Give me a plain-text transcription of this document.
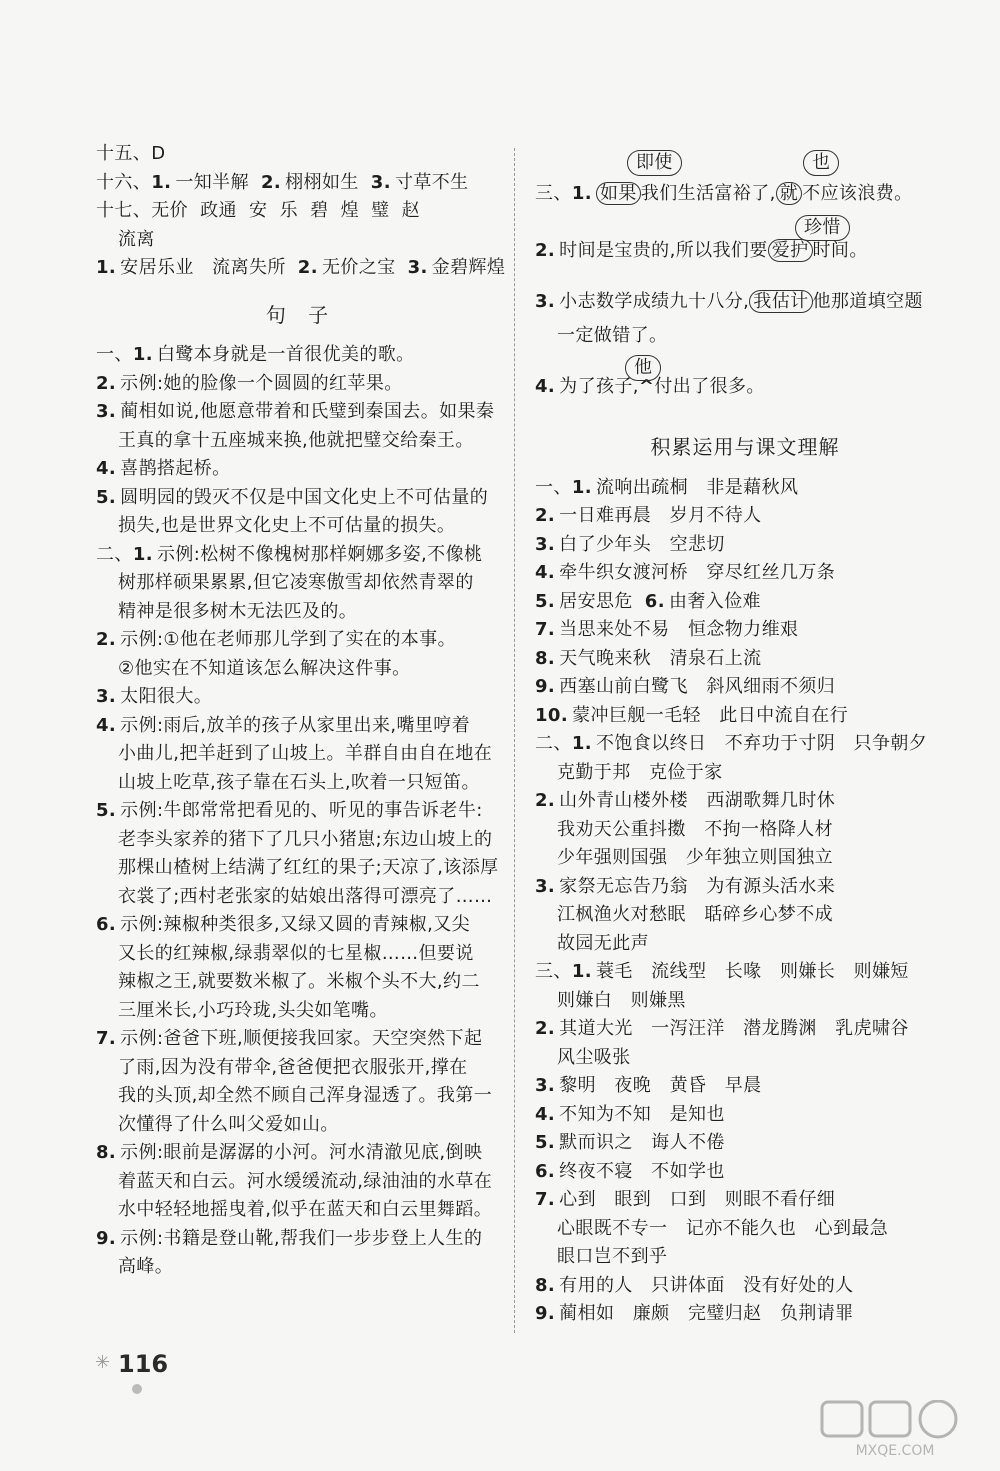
十五、D
十六、1. 一知半解 2. 栩栩如生 3. 寸草不生
十七、无价 政通 安 乐 碧 煌 璧 赵
流离
1. 安居乐业　流离失所 2. 无价之宝 3. 金碧辉煌
句 子
一、1. 白鹭本身就是一首很优美的歌。
2. 示例:她的脸像一个圆圆的红苹果。
3. 蔺相如说,他愿意带着和氏璧到秦国去。如果秦
王真的拿十五座城来换,他就把璧交给秦王。
4. 喜鹊搭起桥。
5. 圆明园的毁灭不仅是中国文化史上不可估量的
损失,也是世界文化史上不可估量的损失。
二、1. 示例:松树不像槐树那样婀娜多姿,不像桃
树那样硕果累累,但它凌寒傲雪却依然青翠的
精神是很多树木无法匹及的。
2. 示例:①他在老师那儿学到了实在的本事。
②他实在不知道该怎么解决这件事。
3. 太阳很大。
4. 示例:雨后,放羊的孩子从家里出来,嘴里哼着
小曲儿,把羊赶到了山坡上。羊群自由自在地在
山坡上吃草,孩子靠在石头上,吹着一只短笛。
5. 示例:牛郎常常把看见的、听见的事告诉老牛:
老李头家养的猪下了几只小猪崽;东边山坡上的
那棵山楂树上结满了红红的果子;天凉了,该添厚
衣裳了;西村老张家的姑娘出落得可漂亮了……
6. 示例:辣椒种类很多,又绿又圆的青辣椒,又尖
又长的红辣椒,绿翡翠似的七星椒……但要说
辣椒之王,就要数米椒了。米椒个头不大,约二
三厘米长,小巧玲珑,头尖如笔嘴。
7. 示例:爸爸下班,顺便接我回家。天空突然下起
了雨,因为没有带伞,爸爸便把衣服张开,撑在
我的头顶,却全然不顾自己浑身湿透了。我第一
次懂得了什么叫父爱如山。
8. 示例:眼前是潺潺的小河。河水清澈见底,倒映
着蓝天和白云。河水缓缓流动,绿油油的水草在
水中轻轻地摇曳着,似乎在蓝天和白云里舞蹈。
9. 示例:书籍是登山靴,帮我们一步步登上人生的
高峰。
三、1. 如果 我们生活富裕了, 就 不应该浪费。
即使	也
2. 时间是宝贵的,所以我们要 爱护 时间。
珍惜
3. 小志数学成绩九十八分, 我估计 他那道填空题
一定做错了。
4. 为了孩子,^付出了很多。
他
积累运用与课文理解
一、1. 流响出疏桐　非是藉秋风
2. 一日难再晨　岁月不待人
3. 白了少年头　空悲切
4. 牵牛织女渡河桥　穿尽红丝几万条
5. 居安思危 6. 由奢入俭难
7. 当思来处不易　恒念物力维艰
8. 天气晚来秋　清泉石上流
9. 西塞山前白鹭飞　斜风细雨不须归
10. 蒙冲巨舰一毛轻　此日中流自在行
二、1. 不饱食以终日　不弃功于寸阴　只争朝夕
克勤于邦　克俭于家
2. 山外青山楼外楼　西湖歌舞几时休
我劝天公重抖擞　不拘一格降人材
少年强则国强　少年独立则国独立
3. 家祭无忘告乃翁　为有源头活水来
江枫渔火对愁眠　聒碎乡心梦不成
故园无此声
三、1. 蓑毛　流线型　长喙　则嫌长　则嫌短
则嫌白　则嫌黑
2. 其道大光　一泻汪洋　潜龙腾渊　乳虎啸谷
风尘吸张
3. 黎明　夜晚　黄昏　早晨
4. 不知为不知　是知也
5. 默而识之　诲人不倦
6. 终夜不寝　不如学也
7. 心到　眼到　口到　则眼不看仔细
心眼既不专一　记亦不能久也　心到最急
眼口岂不到乎
8. 有用的人　只讲体面　没有好处的人
9. 蔺相如　廉颇　完璧归赵　负荆请罪
✳ 116
MXQE.COM
